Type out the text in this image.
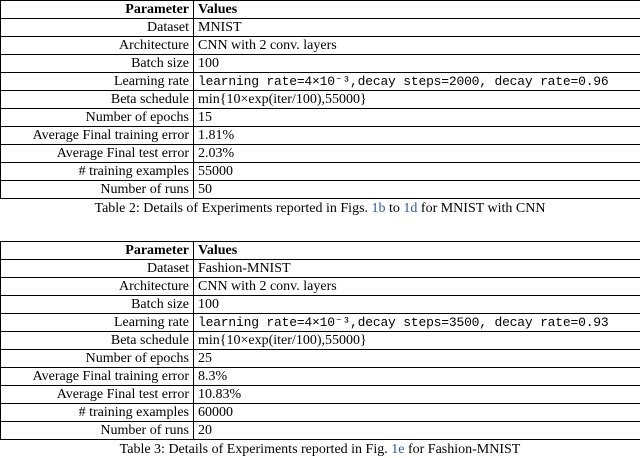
Parameter	Values
Dataset	MNIST
Architecture	CNN with 2 conv. layers
Batch size	100
Learning rate	learning rate=4×10⁻³,decay steps=2000, decay rate=0.96
Beta schedule	min{10×exp(iter/100),55000}
Number of epochs	15
Average Final training error	1.81%
Average Final test error	2.03%
# training examples	55000
Number of runs	50
Table 2: Details of Experiments reported in Figs. 1b to 1d for MNIST with CNN
Parameter	Values
Dataset	Fashion-MNIST
Architecture	CNN with 2 conv. layers
Batch size	100
Learning rate	learning rate=4×10⁻³,decay steps=3500, decay rate=0.93
Beta schedule	min{10×exp(iter/100),55000}
Number of epochs	25
Average Final training error	8.3%
Average Final test error	10.83%
# training examples	60000
Number of runs	20
Table 3: Details of Experiments reported in Fig. 1e for Fashion-MNIST
